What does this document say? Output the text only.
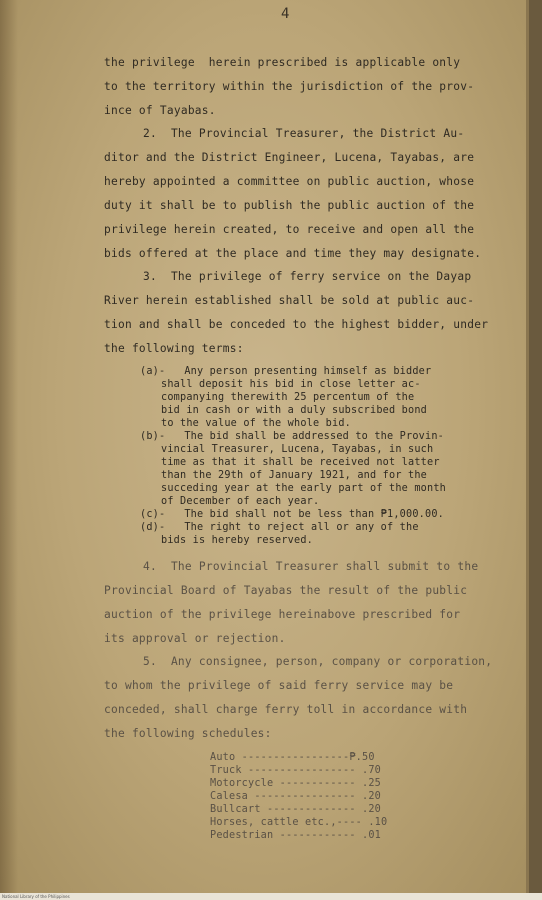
4
the privilege  herein prescribed is applicable only
to the territory within the jurisdiction of the prov-
ince of Tayabas.
2.  The Provincial Treasurer, the District Au-
ditor and the District Engineer, Lucena, Tayabas, are
hereby appointed a committee on public auction, whose
duty it shall be to publish the public auction of the
privilege herein created, to receive and open all the
bids offered at the place and time they may designate.
3.  The privilege of ferry service on the Dayap
River herein established shall be sold at public auc-
tion and shall be conceded to the highest bidder, under
the following terms:
(a)-   Any person presenting himself as bidder
shall deposit his bid in close letter ac-
companying therewith 25 percentum of the
bid in cash or with a duly subscribed bond
to the value of the whole bid.
(b)-   The bid shall be addressed to the Provin-
vincial Treasurer, Lucena, Tayabas, in such
time as that it shall be received not latter
than the 29th of January 1921, and for the
succeding year at the early part of the month
of December of each year.
(c)-   The bid shall not be less than ₱1,000.00.
(d)-   The right to reject all or any of the
bids is hereby reserved.
4.  The Provincial Treasurer shall submit to the
Provincial Board of Tayabas the result of the public
auction of the privilege hereinabove prescribed for
its approval or rejection.
5.  Any consignee, person, company or corporation,
to whom the privilege of said ferry service may be
conceded, shall charge ferry toll in accordance with
the following schedules:
Auto -----------------₱.50
Truck ----------------- .70
Motorcycle ------------ .25
Calesa ---------------- .20
Bullcart -------------- .20
Horses, cattle etc.,---- .10
Pedestrian ------------ .01
National Library of the Philippines
